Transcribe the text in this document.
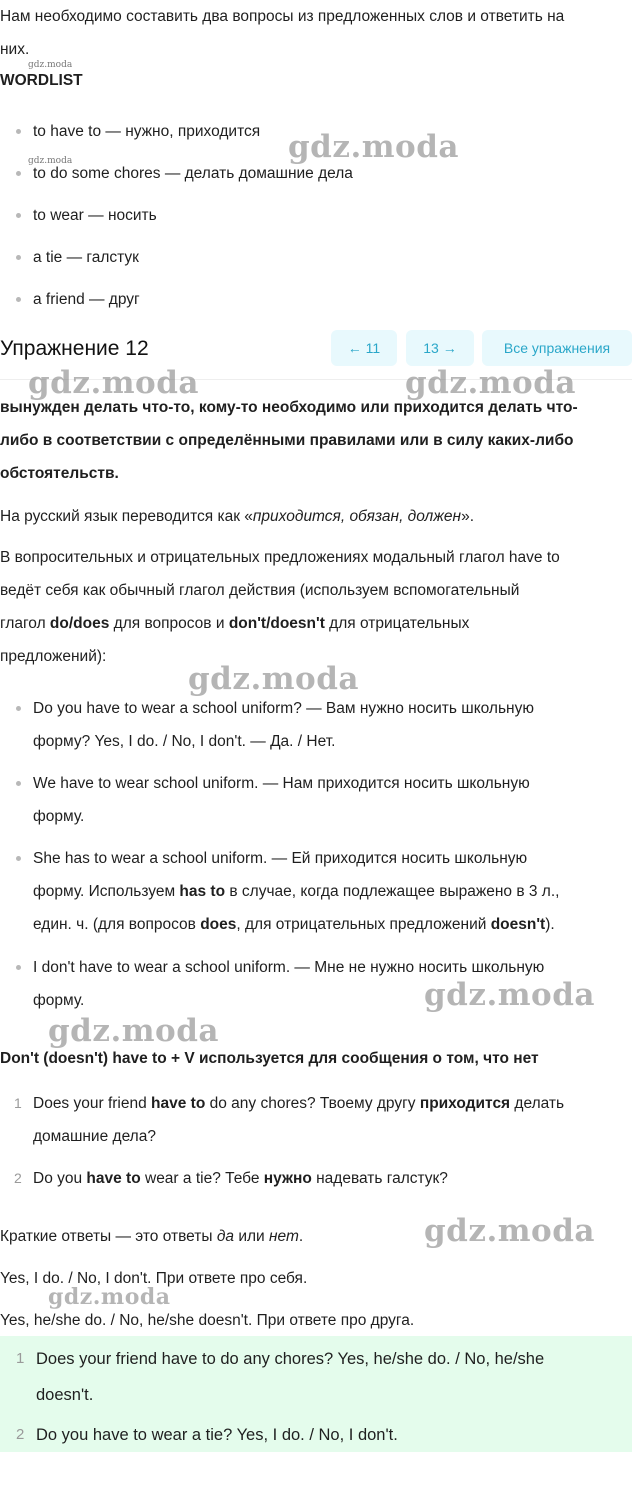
Нам необходимо составить два вопросы из предложенных слов и ответить на
них.
gdz.moda
WORDLIST
to have to — нужно, приходится
gdz.moda
to do some chores — делать домашние дела
to wear — носить
a tie — галстук
a friend — друг
Упражнение 12	← 11	13 →	Все упражнения
вынужден делать что-то, кому-то необходимо или приходится делать что-
либо в соответствии с определёнными правилами или в силу каких-либо
обстоятельств.
На русский язык переводится как «приходится, обязан, должен».
В вопросительных и отрицательных предложениях модальный глагол have to
ведёт себя как обычный глагол действия (используем вспомогательный
глагол do/does для вопросов и don't/doesn't для отрицательных
предложений):
Do you have to wear a school uniform? — Вам нужно носить школьную
форму? Yes, I do. / No, I don't. — Да. / Нет.
We have to wear school uniform. — Нам приходится носить школьную
форму.
She has to wear a school uniform. — Ей приходится носить школьную
форму. Используем has to в случае, когда подлежащее выражено в 3 л.,
един. ч. (для вопросов does, для отрицательных предложений doesn't).
I don't have to wear a school uniform. — Мне не нужно носить школьную
форму.
Don't (doesn't) have to + V используется для сообщения о том, что нет
1 Does your friend have to do any chores? Твоему другу приходится делать
домашние дела?
2 Do you have to wear a tie? Тебе нужно надевать галстук?
Краткие ответы — это ответы да или нет.
Yes, I do. / No, I don't. При ответе про себя.
Yes, he/she do. / No, he/she doesn't. При ответе про друга.
1 Does your friend have to do any chores? Yes, he/she do. / No, he/she
doesn't.
2 Do you have to wear a tie? Yes, I do. / No, I don't.
gdz.moda
gdz.moda	gdz.moda
gdz.moda
gdz.moda
gdz.moda
gdz.moda
gdz.moda
